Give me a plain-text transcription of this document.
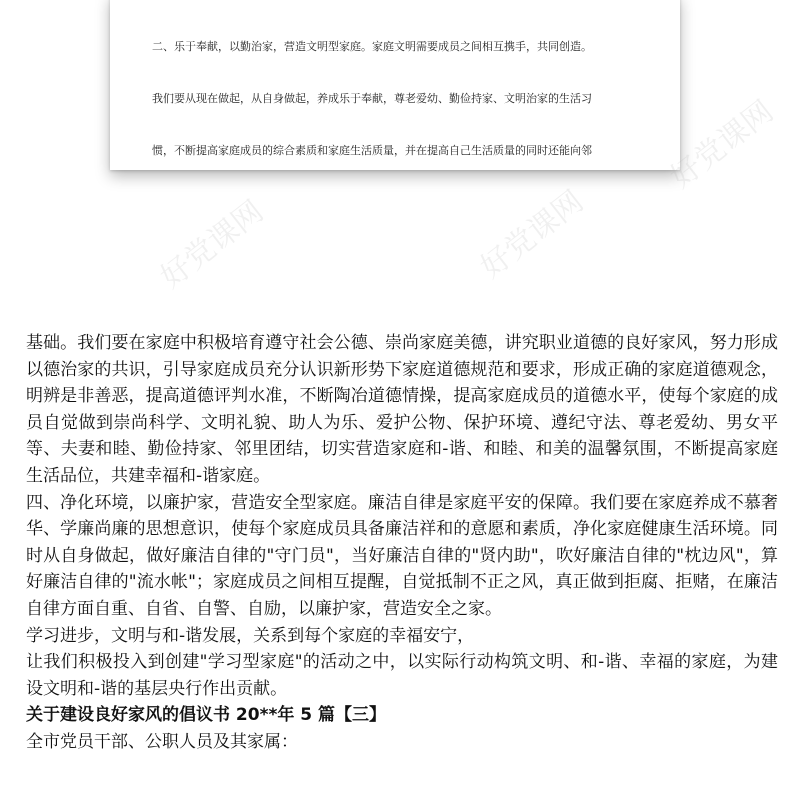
二、乐于奉献，以勤治家，营造文明型家庭。家庭文明需要成员之间相互携手，共同创造。

我们要从现在做起，从自身做起，养成乐于奉献，尊老爱幼、勤俭持家、文明治家的生活习

惯，不断提高家庭成员的综合素质和家庭生活质量，并在提高自己生活质量的同时还能向邻

好党课网	好党课网
好党课网

基础。我们要在家庭中积极培育遵守社会公德、崇尚家庭美德，讲究职业道德的良好家风，努力形成以德治家的共识，引导家庭成员充分认识新形势下家庭道德规范和要求，形成正确的家庭道德观念，明辨是非善恶，提高道德评判水准，不断陶冶道德情操，提高家庭成员的道德水平，使每个家庭的成员自觉做到崇尚科学、文明礼貌、助人为乐、爱护公物、保护环境、遵纪守法、尊老爱幼、男女平等、夫妻和睦、勤俭持家、邻里团结，切实营造家庭和-谐、和睦、和美的温馨氛围，不断提高家庭生活品位，共建幸福和-谐家庭。

四、净化环境，以廉护家，营造安全型家庭。廉洁自律是家庭平安的保障。我们要在家庭养成不慕奢华、学廉尚廉的思想意识，使每个家庭成员具备廉洁祥和的意愿和素质，净化家庭健康生活环境。同时从自身做起，做好廉洁自律的"守门员"，当好廉洁自律的"贤内助"，吹好廉洁自律的"枕边风"，算好廉洁自律的"流水帐"；家庭成员之间相互提醒，自觉抵制不正之风，真正做到拒腐、拒赌，在廉洁自律方面自重、自省、自警、自励，以廉护家，营造安全之家。

学习进步，文明与和-谐发展，关系到每个家庭的幸福安宁，

让我们积极投入到创建"学习型家庭"的活动之中，以实际行动构筑文明、和-谐、幸福的家庭，为建设文明和-谐的基层央行作出贡献。

关于建设良好家风的倡议书 20**年 5 篇【三】

全市党员干部、公职人员及其家属：
